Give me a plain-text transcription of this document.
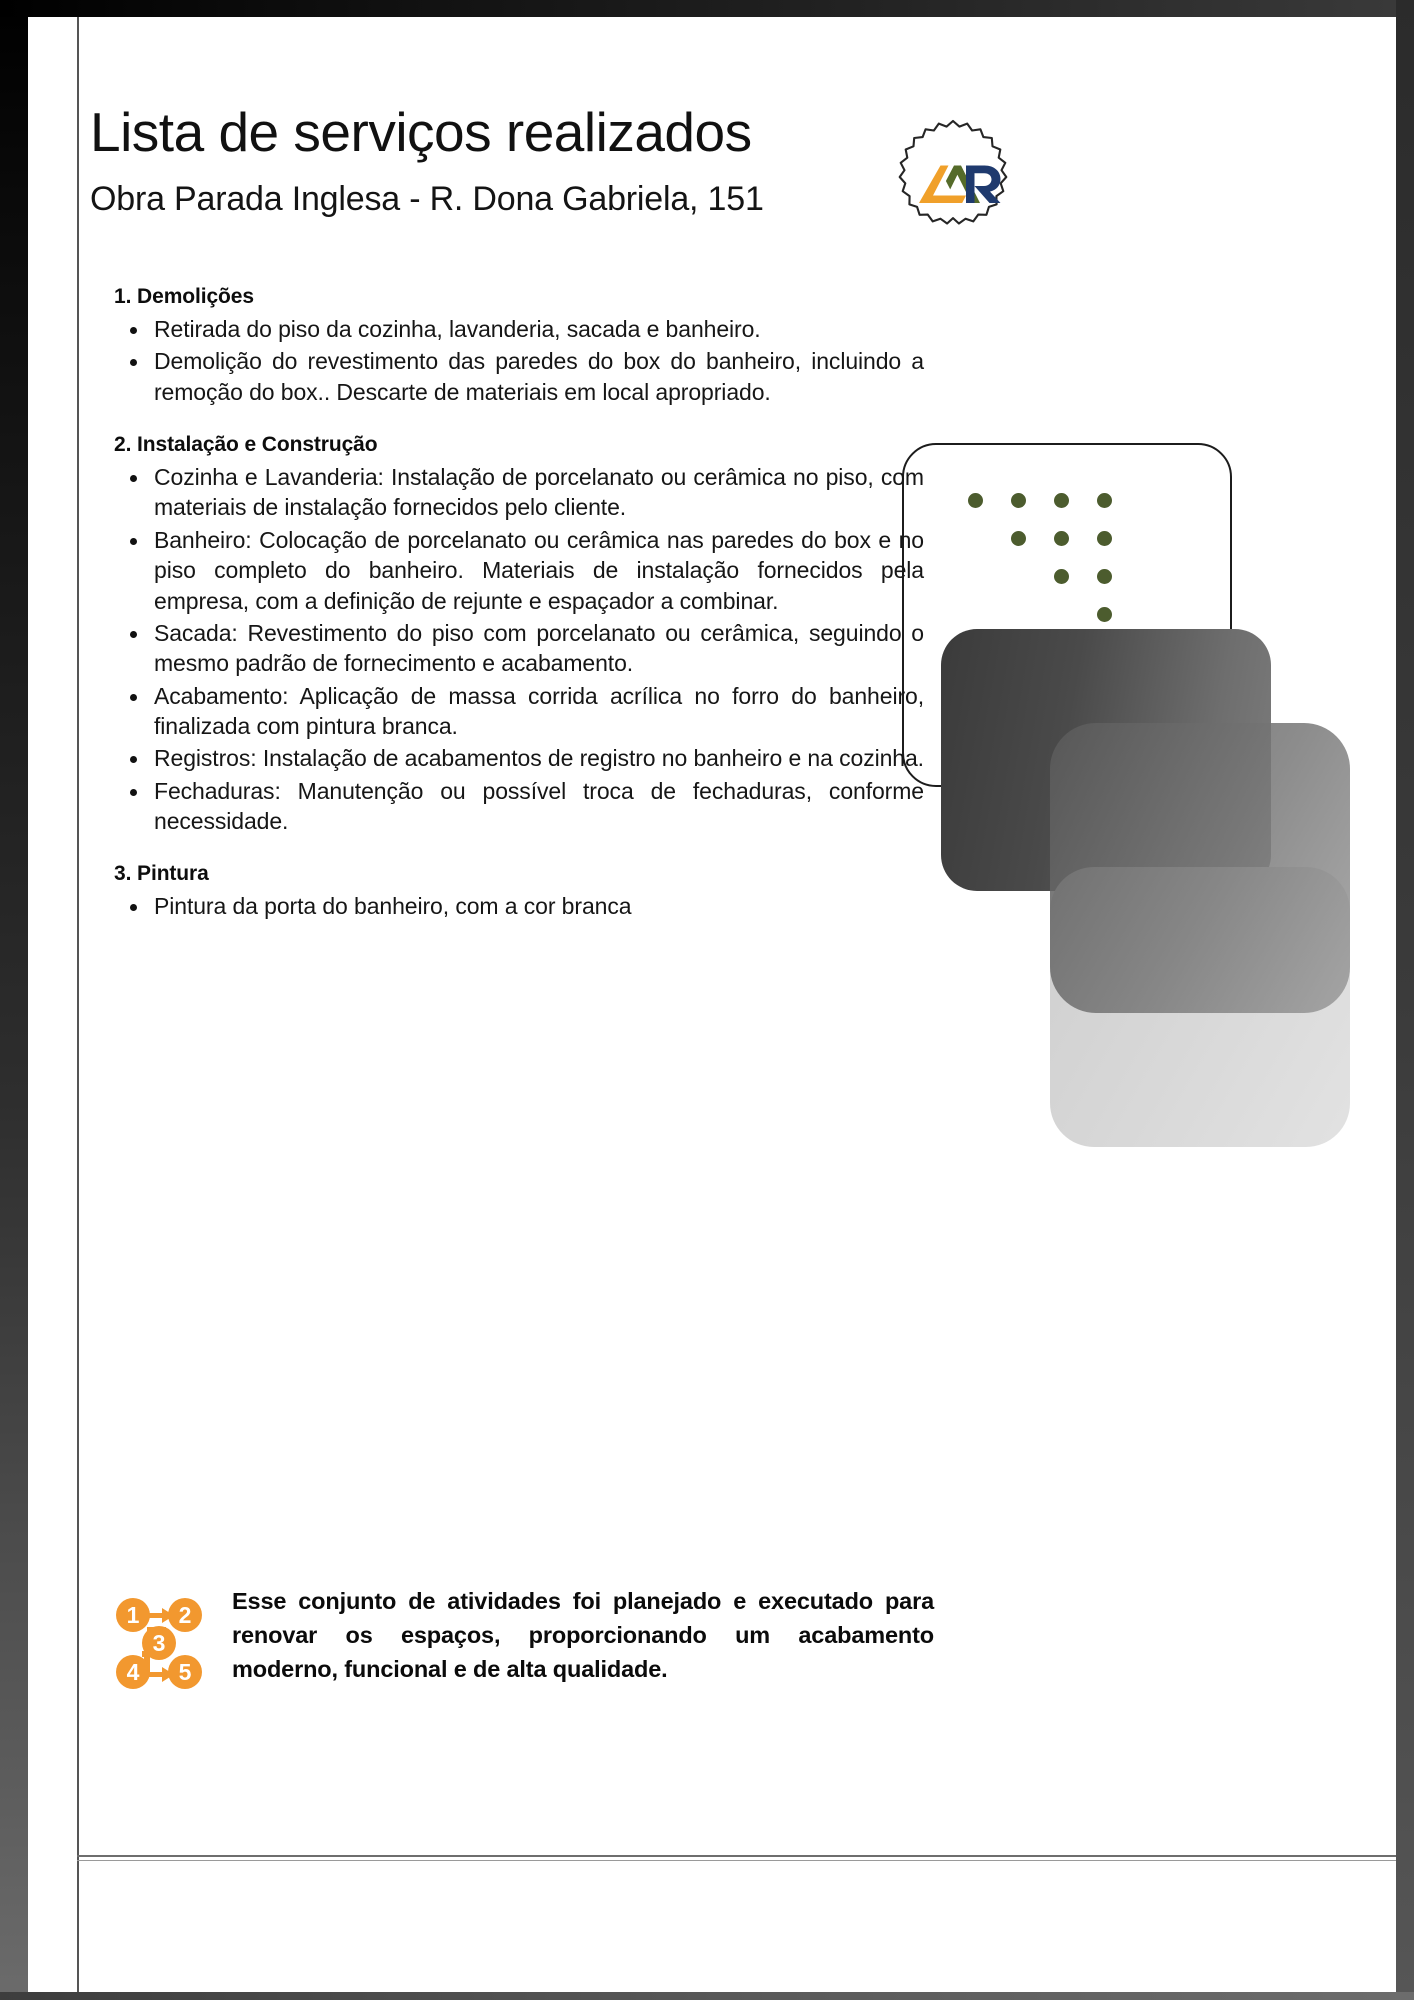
Lista de serviços realizados
Obra Parada Inglesa - R. Dona Gabriela, 151
1. Demolições
Retirada do piso da cozinha, lavanderia, sacada e banheiro.
Demolição do revestimento das paredes do box do banheiro, incluindo a remoção do box.. Descarte de materiais em local apropriado.
2. Instalação e Construção
Cozinha e Lavanderia: Instalação de porcelanato ou cerâmica no piso, com materiais de instalação fornecidos pelo cliente.
Banheiro: Colocação de porcelanato ou cerâmica nas paredes do box e no piso completo do banheiro. Materiais de instalação fornecidos pela empresa, com a definição de rejunte e espaçador a combinar.
Sacada: Revestimento do piso com porcelanato ou cerâmica, seguindo o mesmo padrão de fornecimento e acabamento.
Acabamento: Aplicação de massa corrida acrílica no forro do banheiro, finalizada com pintura branca.
Registros: Instalação de acabamentos de registro no banheiro e na cozinha.
Fechaduras: Manutenção ou possível troca de fechaduras, conforme necessidade.
3. Pintura
Pintura da porta do banheiro, com a cor branca
1 2
3
4 5
Esse conjunto de atividades foi planejado e executado para renovar os espaços, proporcionando um acabamento moderno, funcional e de alta qualidade.
